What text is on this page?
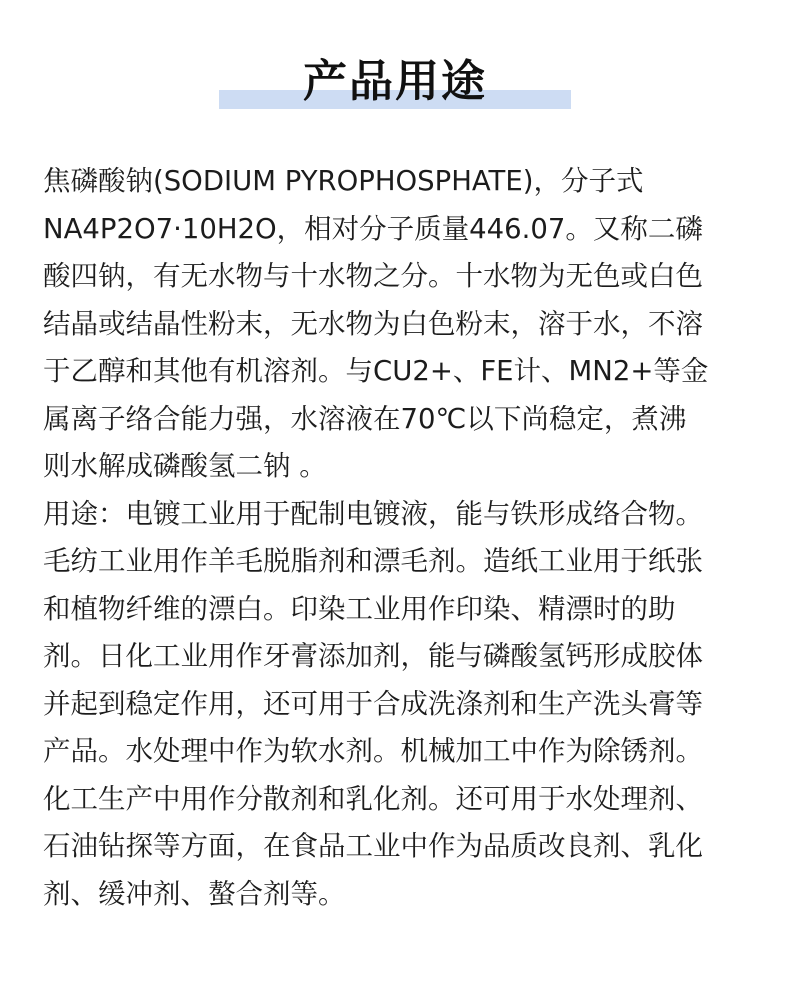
产品用途
焦磷酸钠(SODIUM PYROPHOSPHATE)，分子式
NA4P2O7·10H2O，相对分子质量446.07。又称二磷
酸四钠，有无水物与十水物之分。十水物为无色或白色
结晶或结晶性粉末，无水物为白色粉末，溶于水，不溶
于乙醇和其他有机溶剂。与CU2+、FE计、MN2+等金
属离子络合能力强，水溶液在70℃以下尚稳定，煮沸
则水解成磷酸氢二钠 。
用途：电镀工业用于配制电镀液，能与铁形成络合物。
毛纺工业用作羊毛脱脂剂和漂毛剂。造纸工业用于纸张
和植物纤维的漂白。印染工业用作印染、精漂时的助
剂。日化工业用作牙膏添加剂，能与磷酸氢钙形成胶体
并起到稳定作用，还可用于合成洗涤剂和生产洗头膏等
产品。水处理中作为软水剂。机械加工中作为除锈剂。
化工生产中用作分散剂和乳化剂。还可用于水处理剂、
石油钻探等方面，在食品工业中作为品质改良剂、乳化
剂、缓冲剂、螯合剂等。
